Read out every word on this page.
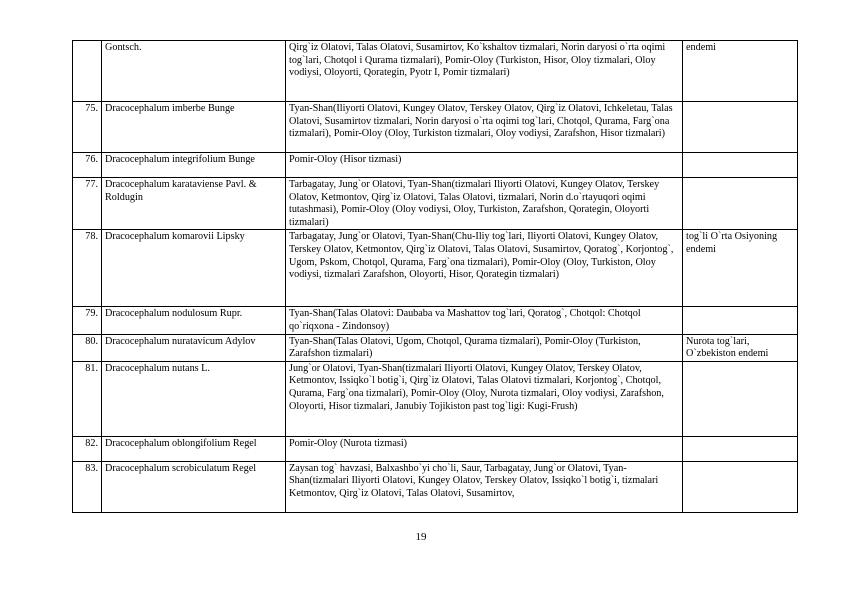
	Gontsch.	Qirg`iz Olatovi, Talas Olatovi, Susamirtov, Ko`kshaltov tizmalari, Norin daryosi o`rta oqimi tog`lari, Chotqol i Qurama tizmalari), Pomir-Oloy (Turkiston, Hisor, Oloy tizmalari, Oloy vodiysi, Oloyorti, Qorategin, Pyotr I, Pomir tizmalari)	endemi
75.	Dracocephalum imberbe Bunge	Tyan-Shan(Iliyorti Olatovi, Kungey Olatov, Terskey Olatov, Qirg`iz Olatovi, Ichkeletau, Talas Olatovi, Susamirtov tizmalari, Norin daryosi o`rta oqimi tog`lari, Chotqol, Qurama, Farg`ona tizmalari), Pomir-Oloy (Oloy, Turkiston tizmalari, Oloy vodiysi, Zarafshon, Hisor tizmalari)	
76.	Dracocephalum integrifolium Bunge	Pomir-Oloy (Hisor tizmasi)	
77.	Dracocephalum karataviense Pavl. & Roldugin	Tarbagatay, Jung`or Olatovi, Tyan-Shan(tizmalari Iliyorti Olatovi, Kungey Olatov, Terskey Olatov, Ketmontov, Qirg`iz Olatovi, Talas Olatovi, tizmalari, Norin d.o`rtayuqori oqimi tutashmasi), Pomir-Oloy (Oloy vodiysi, Oloy, Turkiston, Zarafshon, Qorategin, Oloyorti tizmalari)	
78.	Dracocephalum komarovii Lipsky	Tarbagatay, Jung`or Olatovi, Tyan-Shan(Chu-Iliy tog`lari, Iliyorti Olatovi, Kungey Olatov, Terskey Olatov, Ketmontov, Qirg`iz Olatovi, Talas Olatovi, Susamirtov, Qoratog`, Korjontog`, Ugom, Pskom, Chotqol, Qurama, Farg`ona tizmalari), Pomir-Oloy (Oloy, Turkiston, Oloy vodiysi, tizmalari Zarafshon, Oloyorti, Hisor, Qorategin tizmalari)	tog`li O`rta Osiyoning endemi
79.	Dracocephalum nodulosum Rupr.	Tyan-Shan(Talas Olatovi: Daubaba va Mashattov tog`lari, Qoratog`, Chotqol: Chotqol qo`riqxona - Zindonsoy)	
80.	Dracocephalum nuratavicum Adylov	Tyan-Shan(Talas Olatovi, Ugom, Chotqol, Qurama tizmalari), Pomir-Oloy (Turkiston, Zarafshon tizmalari)	Nurota tog`lari, O`zbekiston endemi
81.	Dracocephalum nutans L.	Jung`or Olatovi, Tyan-Shan(tizmalari Iliyorti Olatovi, Kungey Olatov, Terskey Olatov, Ketmontov, Issiqko`l botig`i, Qirg`iz Olatovi, Talas Olatovi tizmalari, Korjontog`, Chotqol, Qurama, Farg`ona tizmalari), Pomir-Oloy (Oloy, Nurota tizmalari, Oloy vodiysi, Zarafshon, Oloyorti, Hisor tizmalari, Janubiy Tojikiston past tog`ligi: Kugi-Frush)	
82.	Dracocephalum oblongifolium Regel	Pomir-Oloy (Nurota tizmasi)	
83.	Dracocephalum scrobiculatum Regel	Zaysan tog` havzasi, Balxashbo`yi cho`li, Saur, Tarbagatay, Jung`or Olatovi, Tyan-Shan(tizmalari Iliyorti Olatovi, Kungey Olatov, Terskey Olatov, Issiqko`l botig`i, tizmalari Ketmontov, Qirg`iz Olatovi, Talas Olatovi, Susamirtov,	
19
